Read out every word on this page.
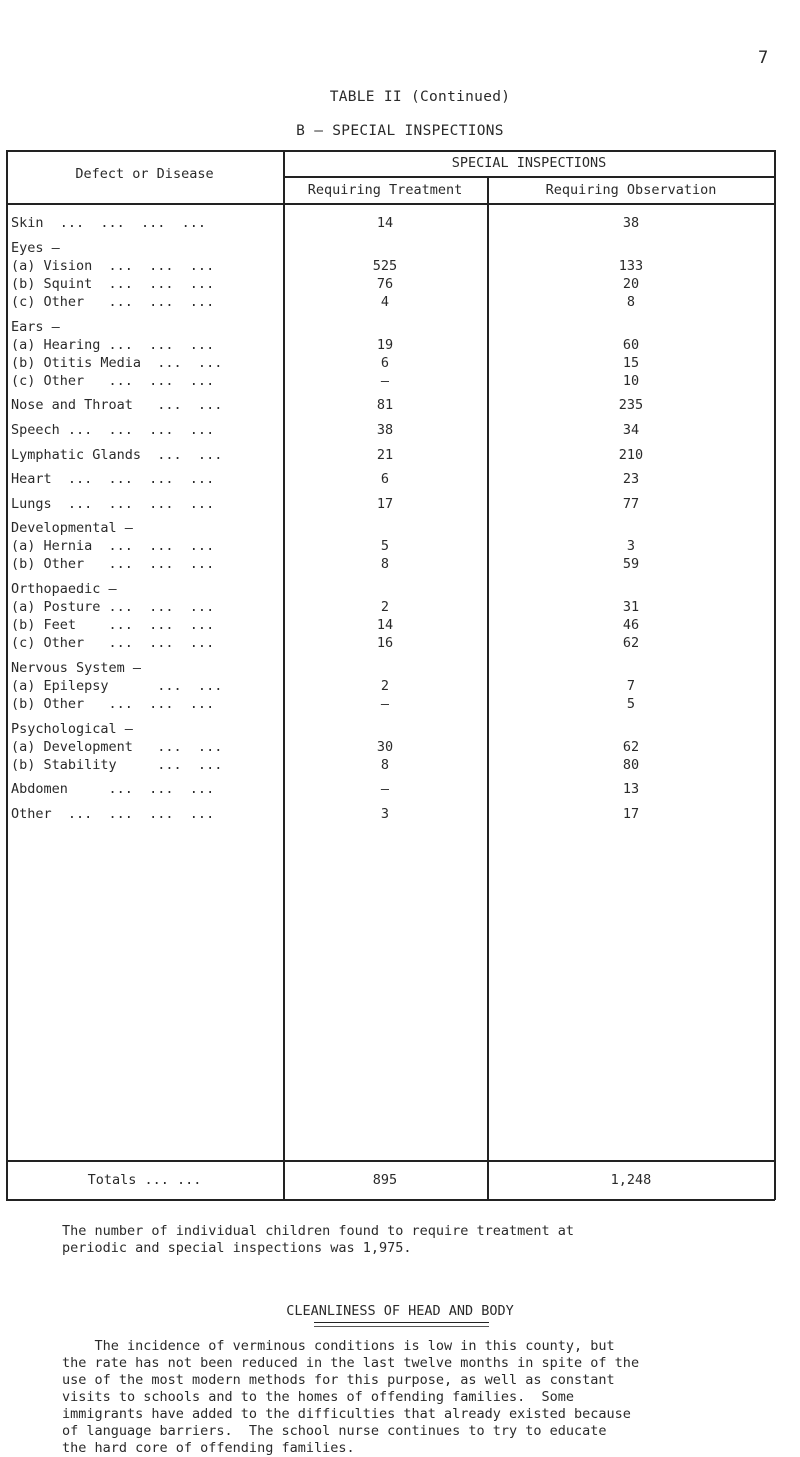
7
TABLE II (Continued)
B — SPECIAL INSPECTIONS
Defect or Disease
SPECIAL INSPECTIONS
Requiring Treatment	Requiring Observation
Skin  ...  ...  ...  ...	14	38
Eyes —
(a) Vision  ...  ...  ...	525	133
(b) Squint  ...  ...  ...	76	20
(c) Other   ...  ...  ...	4	8
Ears —
(a) Hearing ...  ...  ...	19	60
(b) Otitis Media  ...  ...	6	15
(c) Other   ...  ...  ...	—	10
Nose and Throat   ...  ...	81	235
Speech ...  ...  ...  ...	38	34
Lymphatic Glands  ...  ...	21	210
Heart  ...  ...  ...  ...	6	23
Lungs  ...  ...  ...  ...	17	77
Developmental —
(a) Hernia  ...  ...  ...	5	3
(b) Other   ...  ...  ...	8	59
Orthopaedic —
(a) Posture ...  ...  ...	2	31
(b) Feet    ...  ...  ...	14	46
(c) Other   ...  ...  ...	16	62
Nervous System —
(a) Epilepsy      ...  ...	2	7
(b) Other   ...  ...  ...	—	5
Psychological —
(a) Development   ...  ...	30	62
(b) Stability     ...  ...	8	80
Abdomen     ...  ...  ...	—	13
Other  ...  ...  ...  ...	3	17
Totals ... ...	895	1,248
The number of individual children found to require treatment at
periodic and special inspections was 1,975.
CLEANLINESS OF HEAD AND BODY
The incidence of verminous conditions is low in this county, but
the rate has not been reduced in the last twelve months in spite of the
use of the most modern methods for this purpose, as well as constant
visits to schools and to the homes of offending families.  Some
immigrants have added to the difficulties that already existed because
of language barriers.  The school nurse continues to try to educate
the hard core of offending families.
